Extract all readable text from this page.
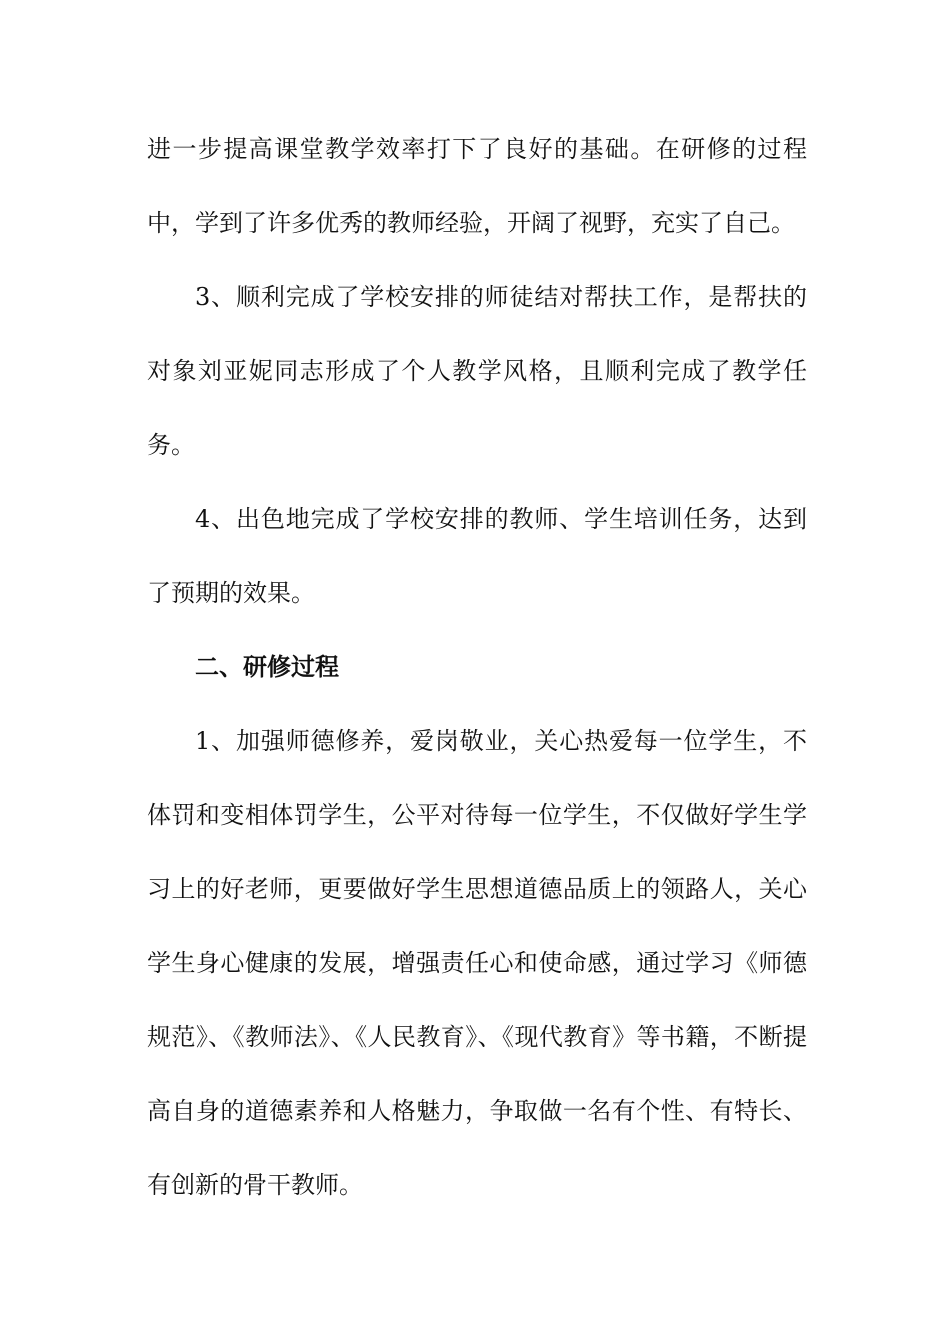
进一步提高课堂教学效率打下了良好的基础。在研修的过程中，学到了许多优秀的教师经验，开阔了视野，充实了自己。

3、顺利完成了学校安排的师徒结对帮扶工作，是帮扶的对象刘亚妮同志形成了个人教学风格，且顺利完成了教学任务。

4、出色地完成了学校安排的教师、学生培训任务，达到了预期的效果。

二、研修过程

1、加强师德修养，爱岗敬业，关心热爱每一位学生，不体罚和变相体罚学生，公平对待每一位学生，不仅做好学生学习上的好老师，更要做好学生思想道德品质上的领路人，关心学生身心健康的发展，增强责任心和使命感，通过学习《师德规范》、《教师法》、《人民教育》、《现代教育》等书籍，不断提高自身的道德素养和人格魅力，争取做一名有个性、有特长、有创新的骨干教师。
